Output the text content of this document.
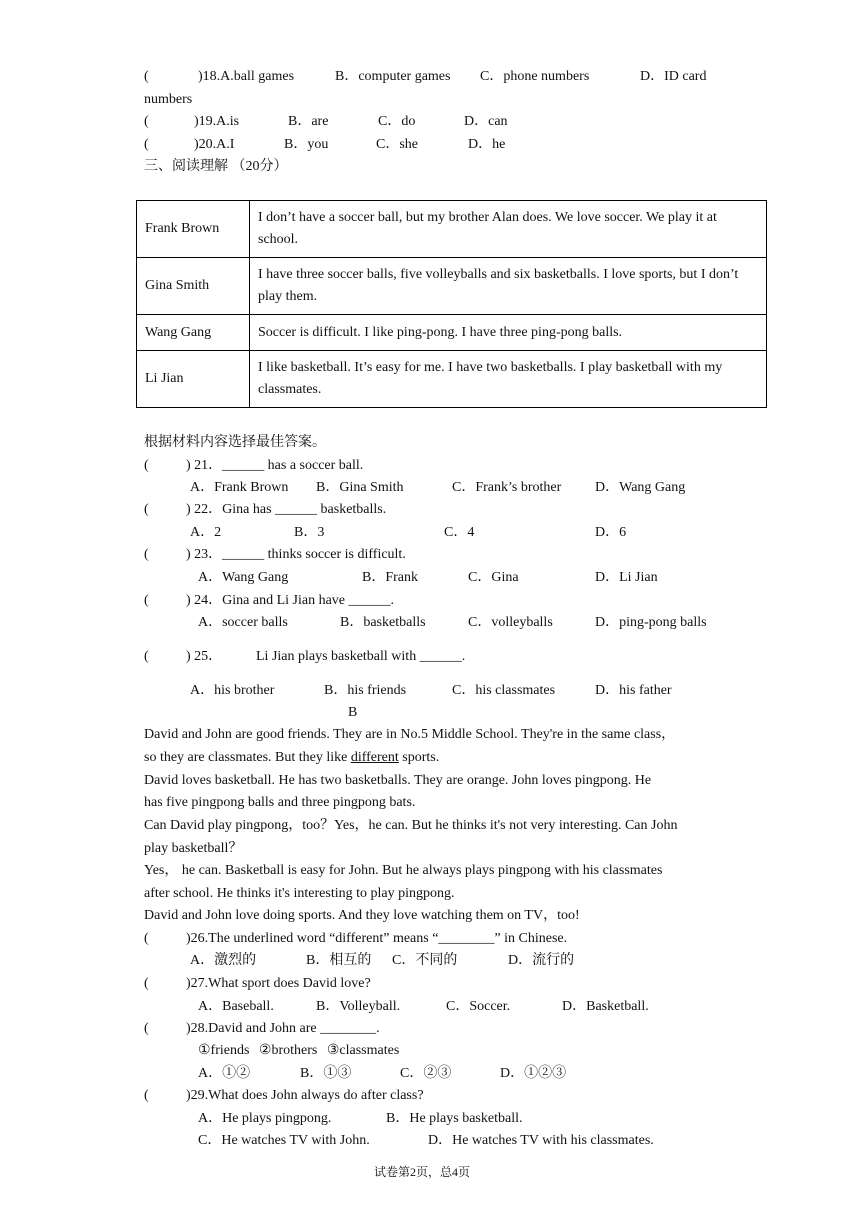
(	)18.A.ball games	B．computer games C．phone numbers	D．ID card
numbers
(	)19.A.is	B．are	C．do	D．can
(	)20.A.I	B．you	C．she	D．he
三、阅读理解 （20分）
Frank Brown	I don’t have a soccer ball, but my brother Alan does. We love soccer. We play it at school.
Gina Smith	I have three soccer balls, five volleyballs and six basketballs. I love sports, but I don’t play them.
Wang Gang	Soccer is difficult. I like ping-pong. I have three ping-pong balls.
Li Jian	I like basketball. It’s easy for me. I have two basketballs. I play basketball with my classmates.
根据材料内容选择最佳答案。
(	) 21．______ has a soccer ball.
A．Frank Brown B．Gina Smith	C．Frank’s brother D．Wang Gang
(	) 22．Gina has ______ basketballs.
A．2	B．3	C．4	D．6
(	) 23．______ thinks soccer is difficult.
A．Wang Gang	B．Frank	C．Gina	D．Li Jian
(	) 24．Gina and Li Jian have ______.
A．soccer balls	B．basketballs	C．volleyballs	D．ping-pong balls
(	) 25． Li Jian plays basketball with ______.
A．his brother	B．his friends	C．his classmates	D．his father
B
David and John are good friends. They are in No.5 Middle School. They're in the same class，
so they are classmates. But they like different sports.
David loves basketball. He has two basketballs. They are orange. John loves pingpong. He
has five pingpong balls and three pingpong bats.
Can David play pingpong，too？Yes，he can. But he thinks it's not very interesting. Can John
play basketball？
Yes， he can. Basketball is easy for John. But he always plays pingpong with his classmates
after school. He thinks it's interesting to play pingpong.
David and John love doing sports. And they love watching them on TV，too!
(	)26.The underlined word “different” means “________” in Chinese.
A．激烈的	B．相互的 C．不同的	D．流行的
(	)27.What sport does David love?
A．Baseball.	B．Volleyball.	C．Soccer.	D．Basketball.
(	)28.David and John are ________.
①friends ②brothers ③classmates
A．①②	B．①③	C．②③	D．①②③
(	)29.What does John always do after class?
A．He plays pingpong.	B．He plays basketball.
C．He watches TV with John.	D．He watches TV with his classmates.
试卷第2页，总4页
